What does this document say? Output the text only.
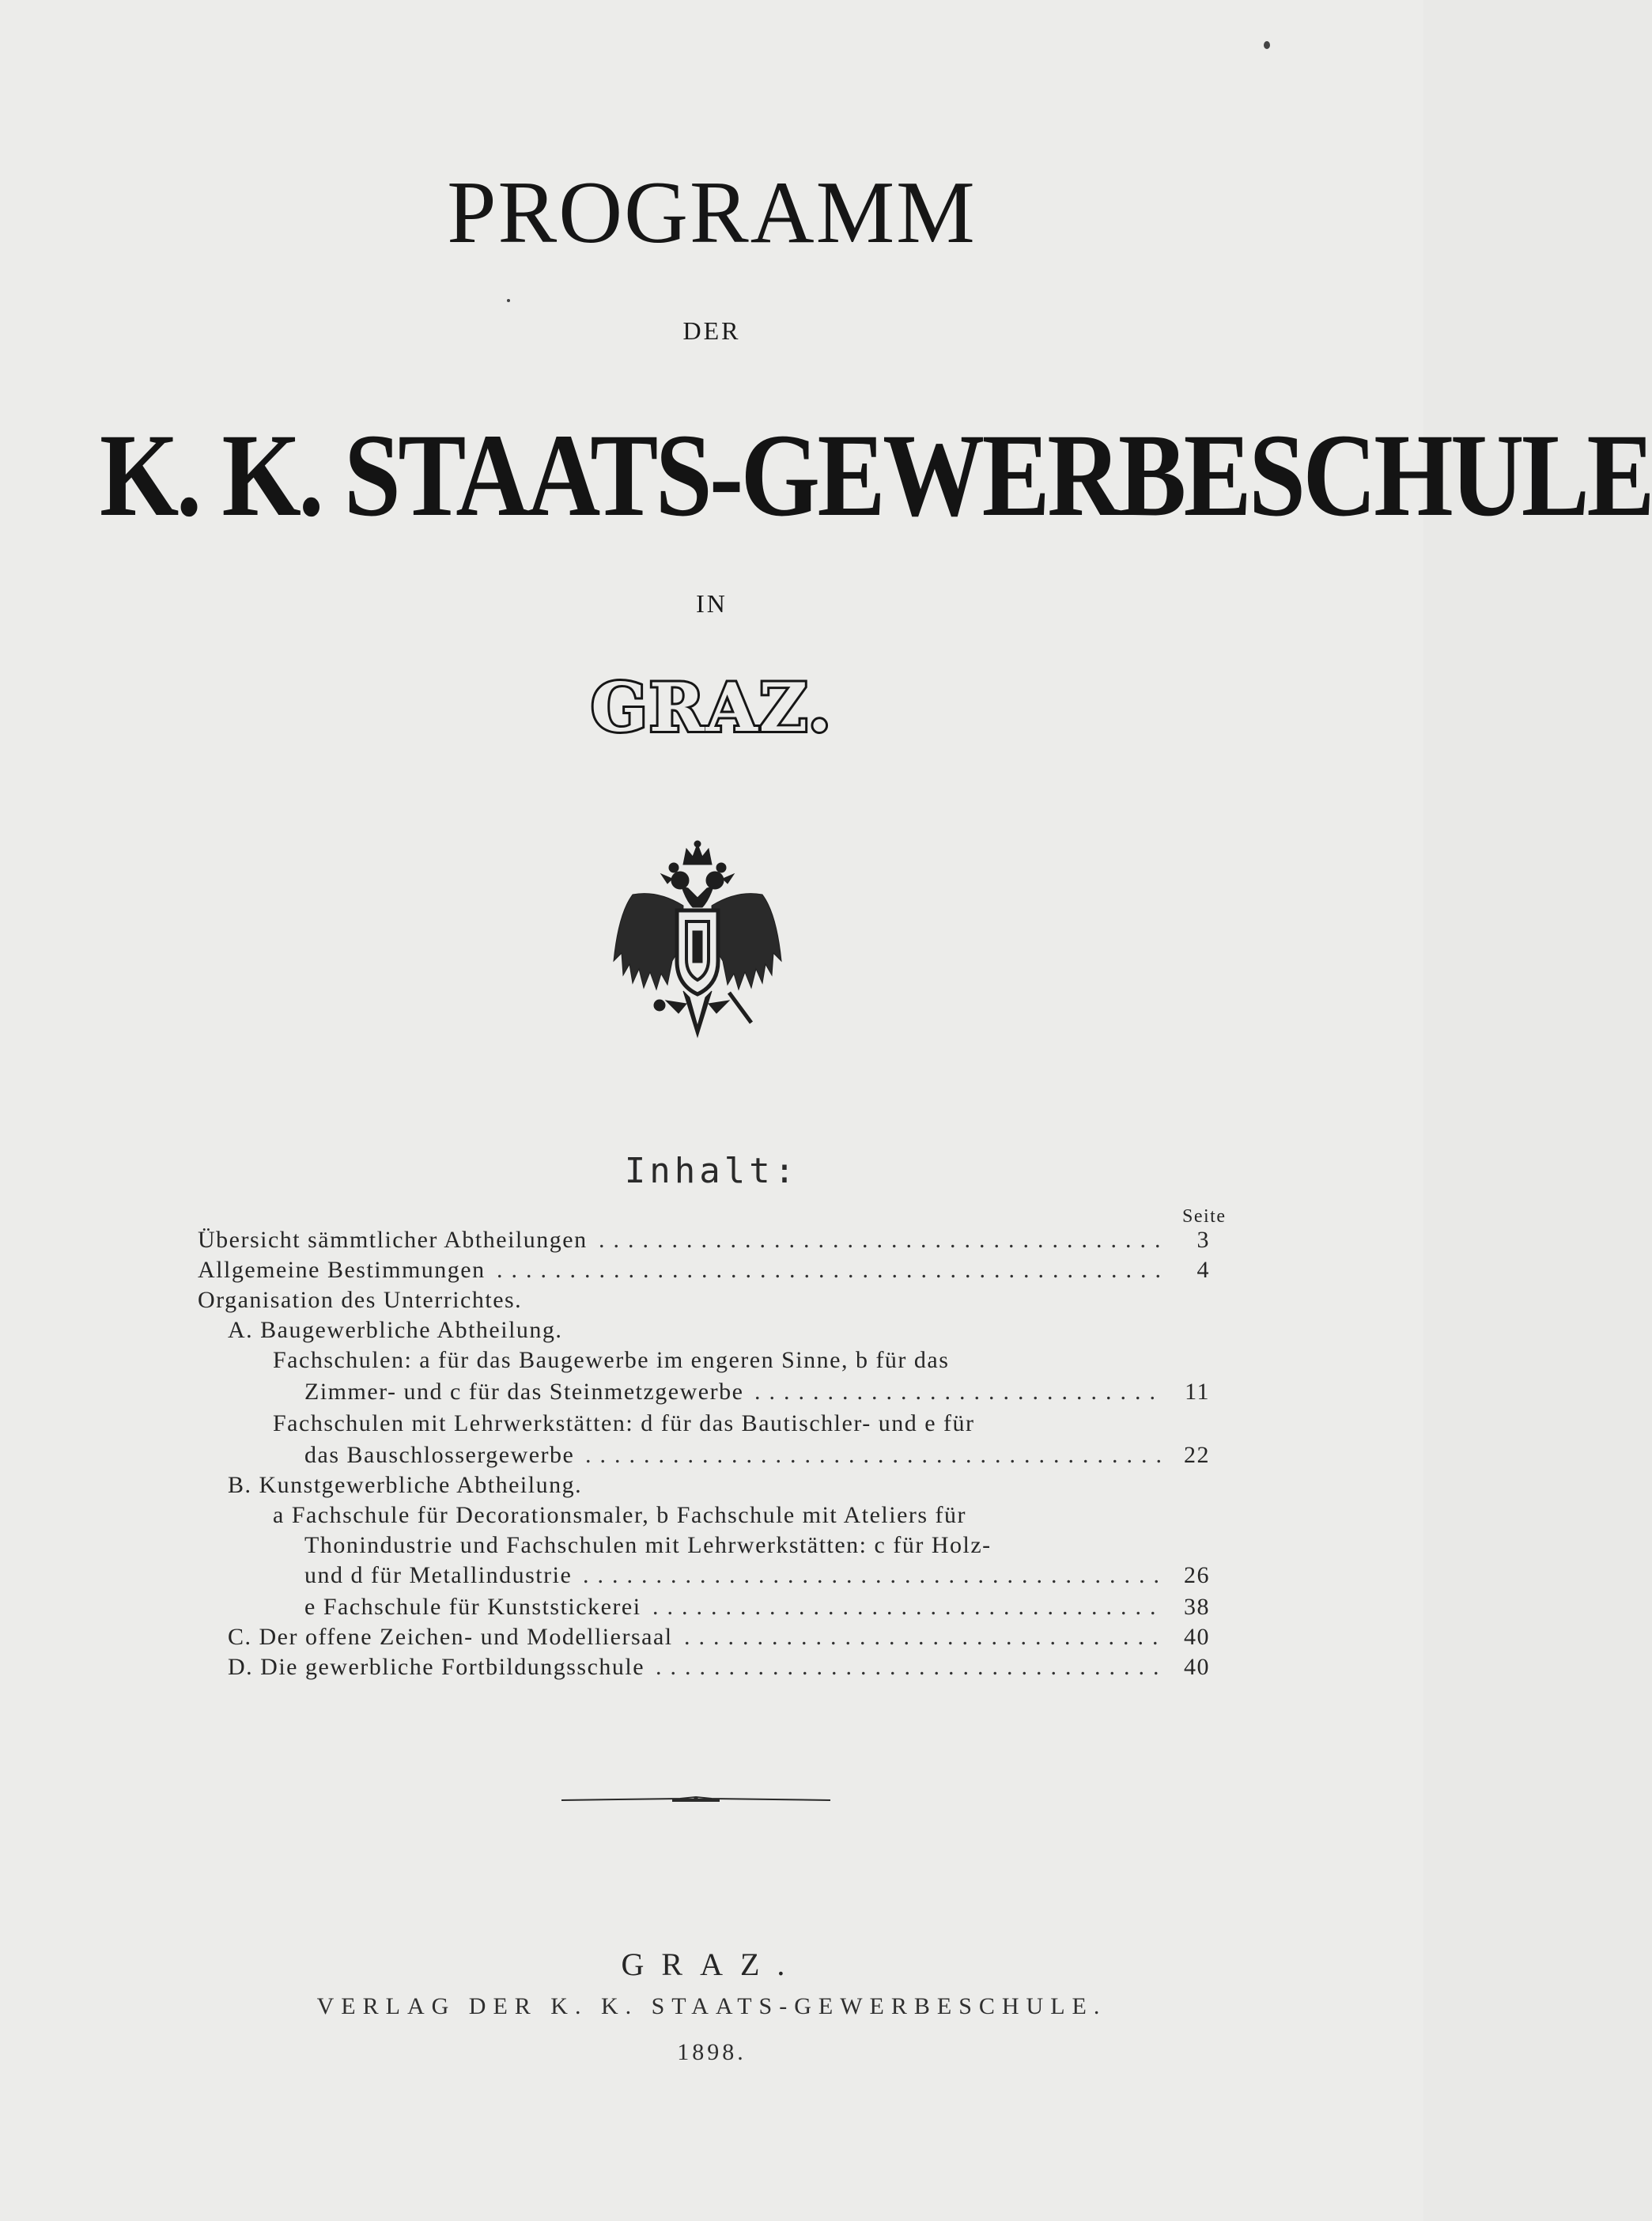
PROGRAMM
DER
K. K. STAATS-GEWERBESCHULE
IN
GRAZ.
Inhalt:
Seite
Übersicht sämmtlicher Abtheilungen .......................................	3
Allgemeine Bestimmungen ..............................................	4
Organisation des Unterrichtes.
A. Baugewerbliche Abtheilung.
Fachschulen: a für das Baugewerbe im engeren Sinne, b für das
Zimmer- und c für das Steinmetzgewerbe ............................ 11
Fachschulen mit Lehrwerkstätten: d für das Bautischler- und e für
das Bauschlossergewerbe ........................................ 22
B. Kunstgewerbliche Abtheilung.
a Fachschule für Decorationsmaler, b Fachschule mit Ateliers für
Thonindustrie und Fachschulen mit Lehrwerkstätten: c für Holz-
und d für Metallindustrie ........................................ 26
e Fachschule für Kunststickerei ................................... 38
C. Der offene Zeichen- und Modelliersaal ................................. 40
D. Die gewerbliche Fortbildungsschule ................................... 40
GRAZ.
VERLAG DER K. K. STAATS-GEWERBESCHULE.
1898.
